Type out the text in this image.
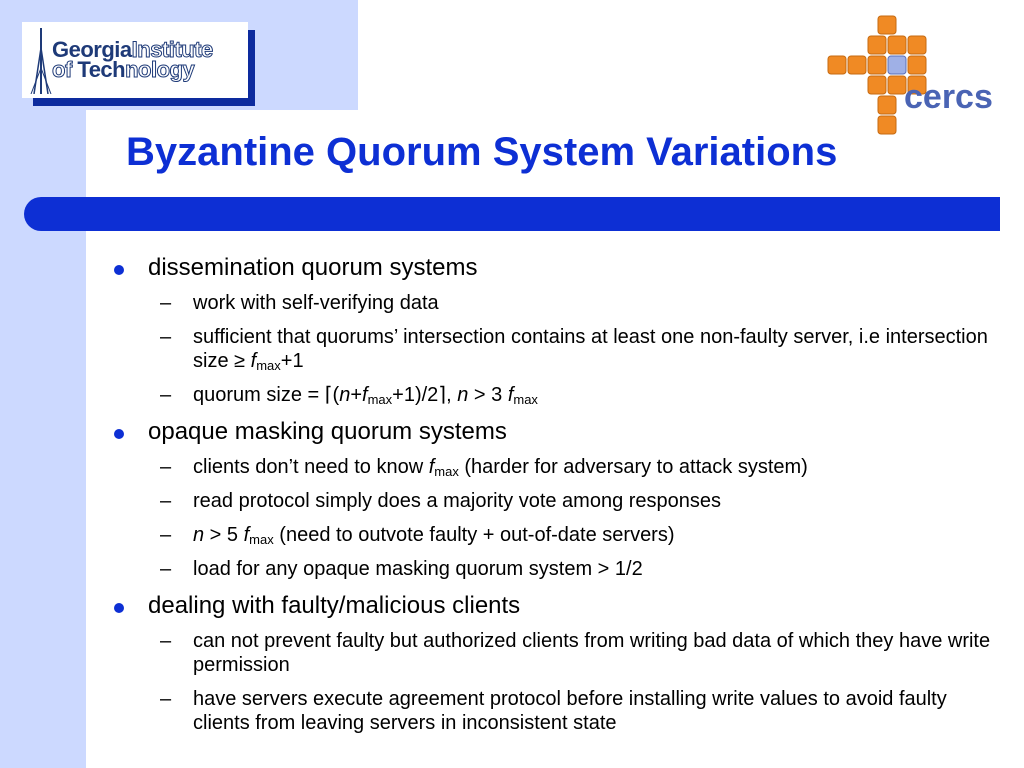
GeorgiaInstitute
of Technology
cercs
Byzantine Quorum System Variations
dissemination quorum systems
– work with self-verifying data
– sufficient that quorums’ intersection contains at least one non-faulty server, i.e intersection size ≥ $f_{max}+1$
– quorum size = $⌈(n+f_{max}+1)/2⌉$, n > 3 $f_{max}$
opaque masking quorum systems
– clients don’t need to know $f_{max}$ (harder for adversary to attack system)
– read protocol simply does a majority vote among responses
– n > 5 $f_{max}$ (need to outvote faulty + out-of-date servers)
– load for any opaque masking quorum system > 1/2
dealing with faulty/malicious clients
– can not prevent faulty but authorized clients from writing bad data of which they have write permission
– have servers execute agreement protocol before installing write values to avoid faulty clients from leaving servers in inconsistent state
